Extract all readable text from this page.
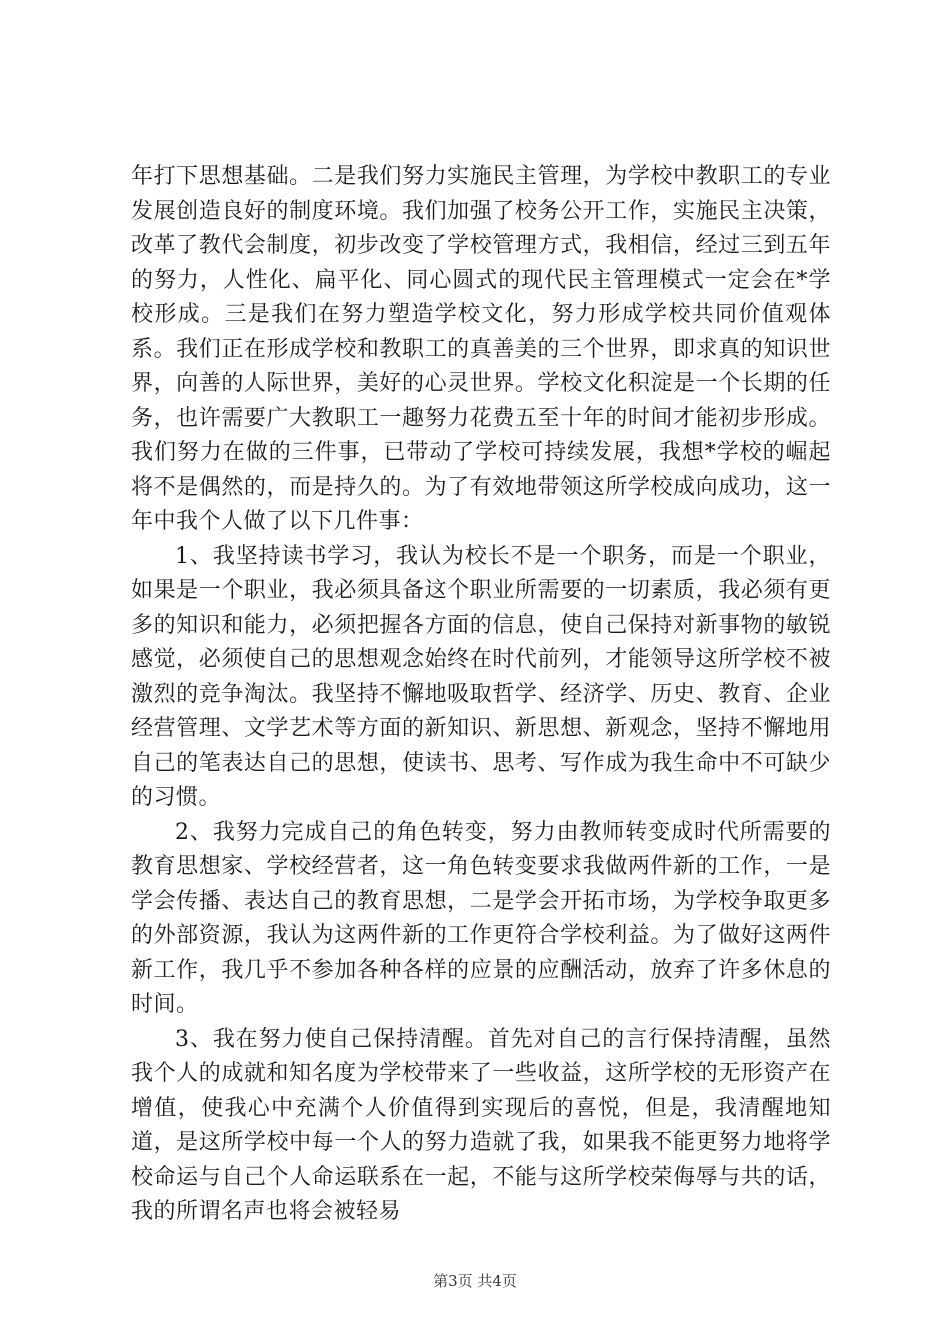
年打下思想基础。二是我们努力实施民主管理，为学校中教职工的专业发展创造良好的制度环境。我们加强了校务公开工作，实施民主决策，改革了教代会制度，初步改变了学校管理方式，我相信，经过三到五年的努力，人性化、扁平化、同心圆式的现代民主管理模式一定会在*学校形成。三是我们在努力塑造学校文化，努力形成学校共同价值观体系。我们正在形成学校和教职工的真善美的三个世界，即求真的知识世界，向善的人际世界，美好的心灵世界。学校文化积淀是一个长期的任务，也许需要广大教职工一趣努力花费五至十年的时间才能初步形成。我们努力在做的三件事，已带动了学校可持续发展，我想*学校的崛起将不是偶然的，而是持久的。为了有效地带领这所学校成向成功，这一年中我个人做了以下几件事：

1、我坚持读书学习，我认为校长不是一个职务，而是一个职业，如果是一个职业，我必须具备这个职业所需要的一切素质，我必须有更多的知识和能力，必须把握各方面的信息，使自己保持对新事物的敏锐感觉，必须使自己的思想观念始终在时代前列，才能领导这所学校不被激烈的竞争淘汰。我坚持不懈地吸取哲学、经济学、历史、教育、企业经营管理、文学艺术等方面的新知识、新思想、新观念，坚持不懈地用自己的笔表达自己的思想，使读书、思考、写作成为我生命中不可缺少的习惯。

2、我努力完成自己的角色转变，努力由教师转变成时代所需要的教育思想家、学校经营者，这一角色转变要求我做两件新的工作，一是学会传播、表达自己的教育思想，二是学会开拓市场，为学校争取更多的外部资源，我认为这两件新的工作更符合学校利益。为了做好这两件新工作，我几乎不参加各种各样的应景的应酬活动，放弃了许多休息的时间。

3、我在努力使自己保持清醒。首先对自己的言行保持清醒，虽然我个人的成就和知名度为学校带来了一些收益，这所学校的无形资产在增值，使我心中充满个人价值得到实现后的喜悦，但是，我清醒地知道，是这所学校中每一个人的努力造就了我，如果我不能更努力地将学校命运与自己个人命运联系在一起，不能与这所学校荣侮辱与共的话，我的所谓名声也将会被轻易

第3页 共4页
